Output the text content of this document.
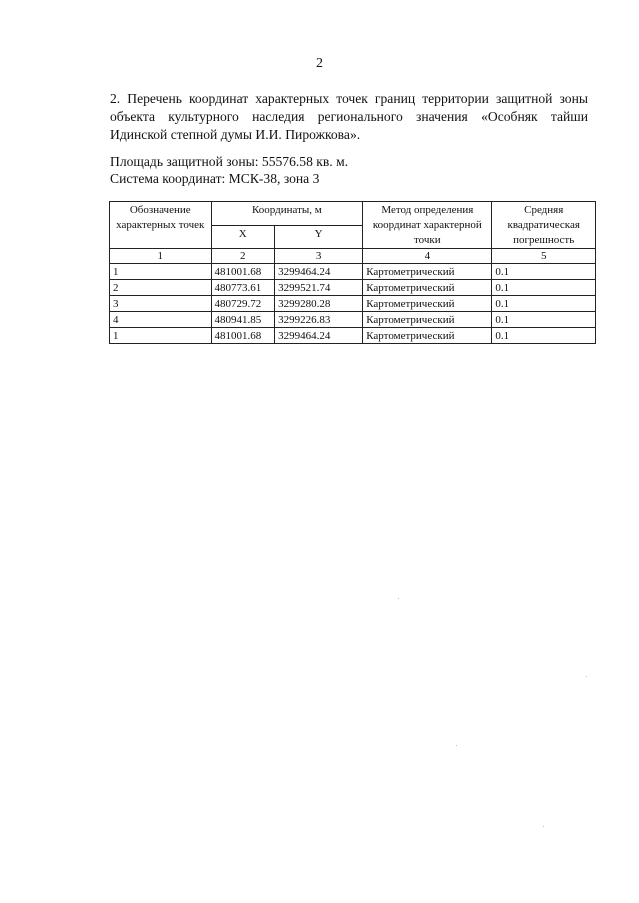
2

2. Перечень координат характерных точек границ территории защитной зоны
объекта культурного наследия регионального значения «Особняк тайши
Идинской степной думы И.И. Пирожкова».

Площадь защитной зоны: 55576.58 кв. м.

Система координат: МСК-38, зона 3

Обозначение характерных точек	Координаты, м		Метод определения координат характерной точки	Средняя квадратическая погрешность
	X	Y		
1	2	3	4	5
1	481001.68	3299464.24	Картометрический	0.1
2	480773.61	3299521.74	Картометрический	0.1
3	480729.72	3299280.28	Картометрический	0.1
4	480941.85	3299226.83	Картометрический	0.1
1	481001.68	3299464.24	Картометрический	0.1
